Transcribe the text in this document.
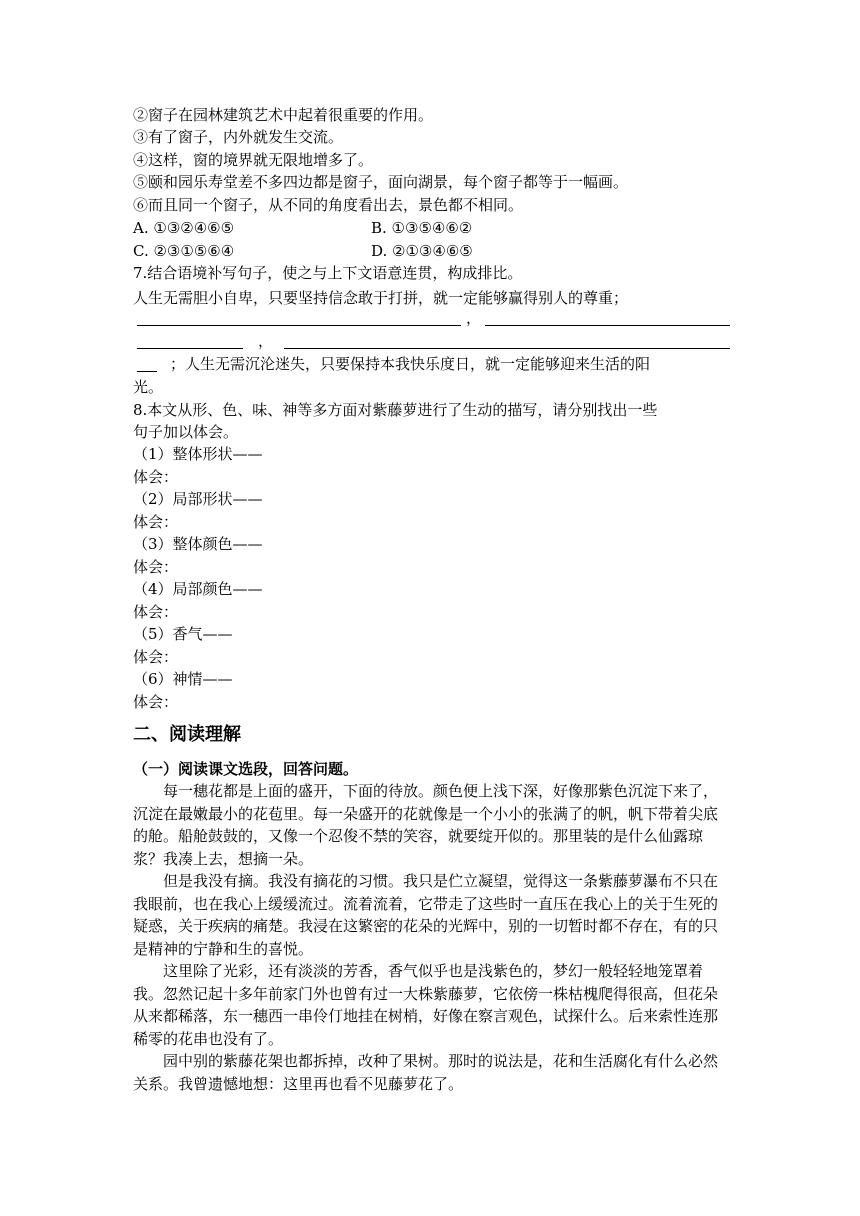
②窗子在园林建筑艺术中起着很重要的作用。
③有了窗子，内外就发生交流。
④这样，窗的境界就无限地增多了。
⑤颐和园乐寿堂差不多四边都是窗子，面向湖景，每个窗子都等于一幅画。
⑥而且同一个窗子，从不同的角度看出去，景色都不相同。
A. ①③②④⑥⑤	B. ①③⑤④⑥②
C. ②③①⑤⑥④	D. ②①③④⑥⑤
7.结合语境补写句子，使之与上下文语意连贯，构成排比。
人生无需胆小自卑，只要坚持信念敢于打拼，就一定能够赢得别人的尊重；
，
，
；人生无需沉沦迷失，只要保持本我快乐度日，就一定能够迎来生活的阳
光。
8.本文从形、色、味、神等多方面对紫藤萝进行了生动的描写，请分别找出一些
句子加以体会。
（1）整体形状——
体会：
（2）局部形状——
体会：
（3）整体颜色——
体会：
（4）局部颜色——
体会：
（5）香气——
体会：
（6）神情——
体会：
二、阅读理解
（一）阅读课文选段，回答问题。
每一穗花都是上面的盛开，下面的待放。颜色便上浅下深，好像那紫色沉淀下来了，沉淀在最嫩最小的花苞里。每一朵盛开的花就像是一个小小的张满了的帆，帆下带着尖底的舱。船舱鼓鼓的，又像一个忍俊不禁的笑容，就要绽开似的。那里装的是什么仙露琼浆？我凑上去，想摘一朵。
但是我没有摘。我没有摘花的习惯。我只是伫立凝望，觉得这一条紫藤萝瀑布不只在我眼前，也在我心上缓缓流过。流着流着，它带走了这些时一直压在我心上的关于生死的疑惑，关于疾病的痛楚。我浸在这繁密的花朵的光辉中，别的一切暂时都不存在，有的只是精神的宁静和生的喜悦。
这里除了光彩，还有淡淡的芳香，香气似乎也是浅紫色的，梦幻一般轻轻地笼罩着我。忽然记起十多年前家门外也曾有过一大株紫藤萝，它依傍一株枯槐爬得很高，但花朵从来都稀落，东一穗西一串伶仃地挂在树梢，好像在察言观色，试探什么。后来索性连那稀零的花串也没有了。
园中别的紫藤花架也都拆掉，改种了果树。那时的说法是，花和生活腐化有什么必然关系。我曾遗憾地想：这里再也看不见藤萝花了。
